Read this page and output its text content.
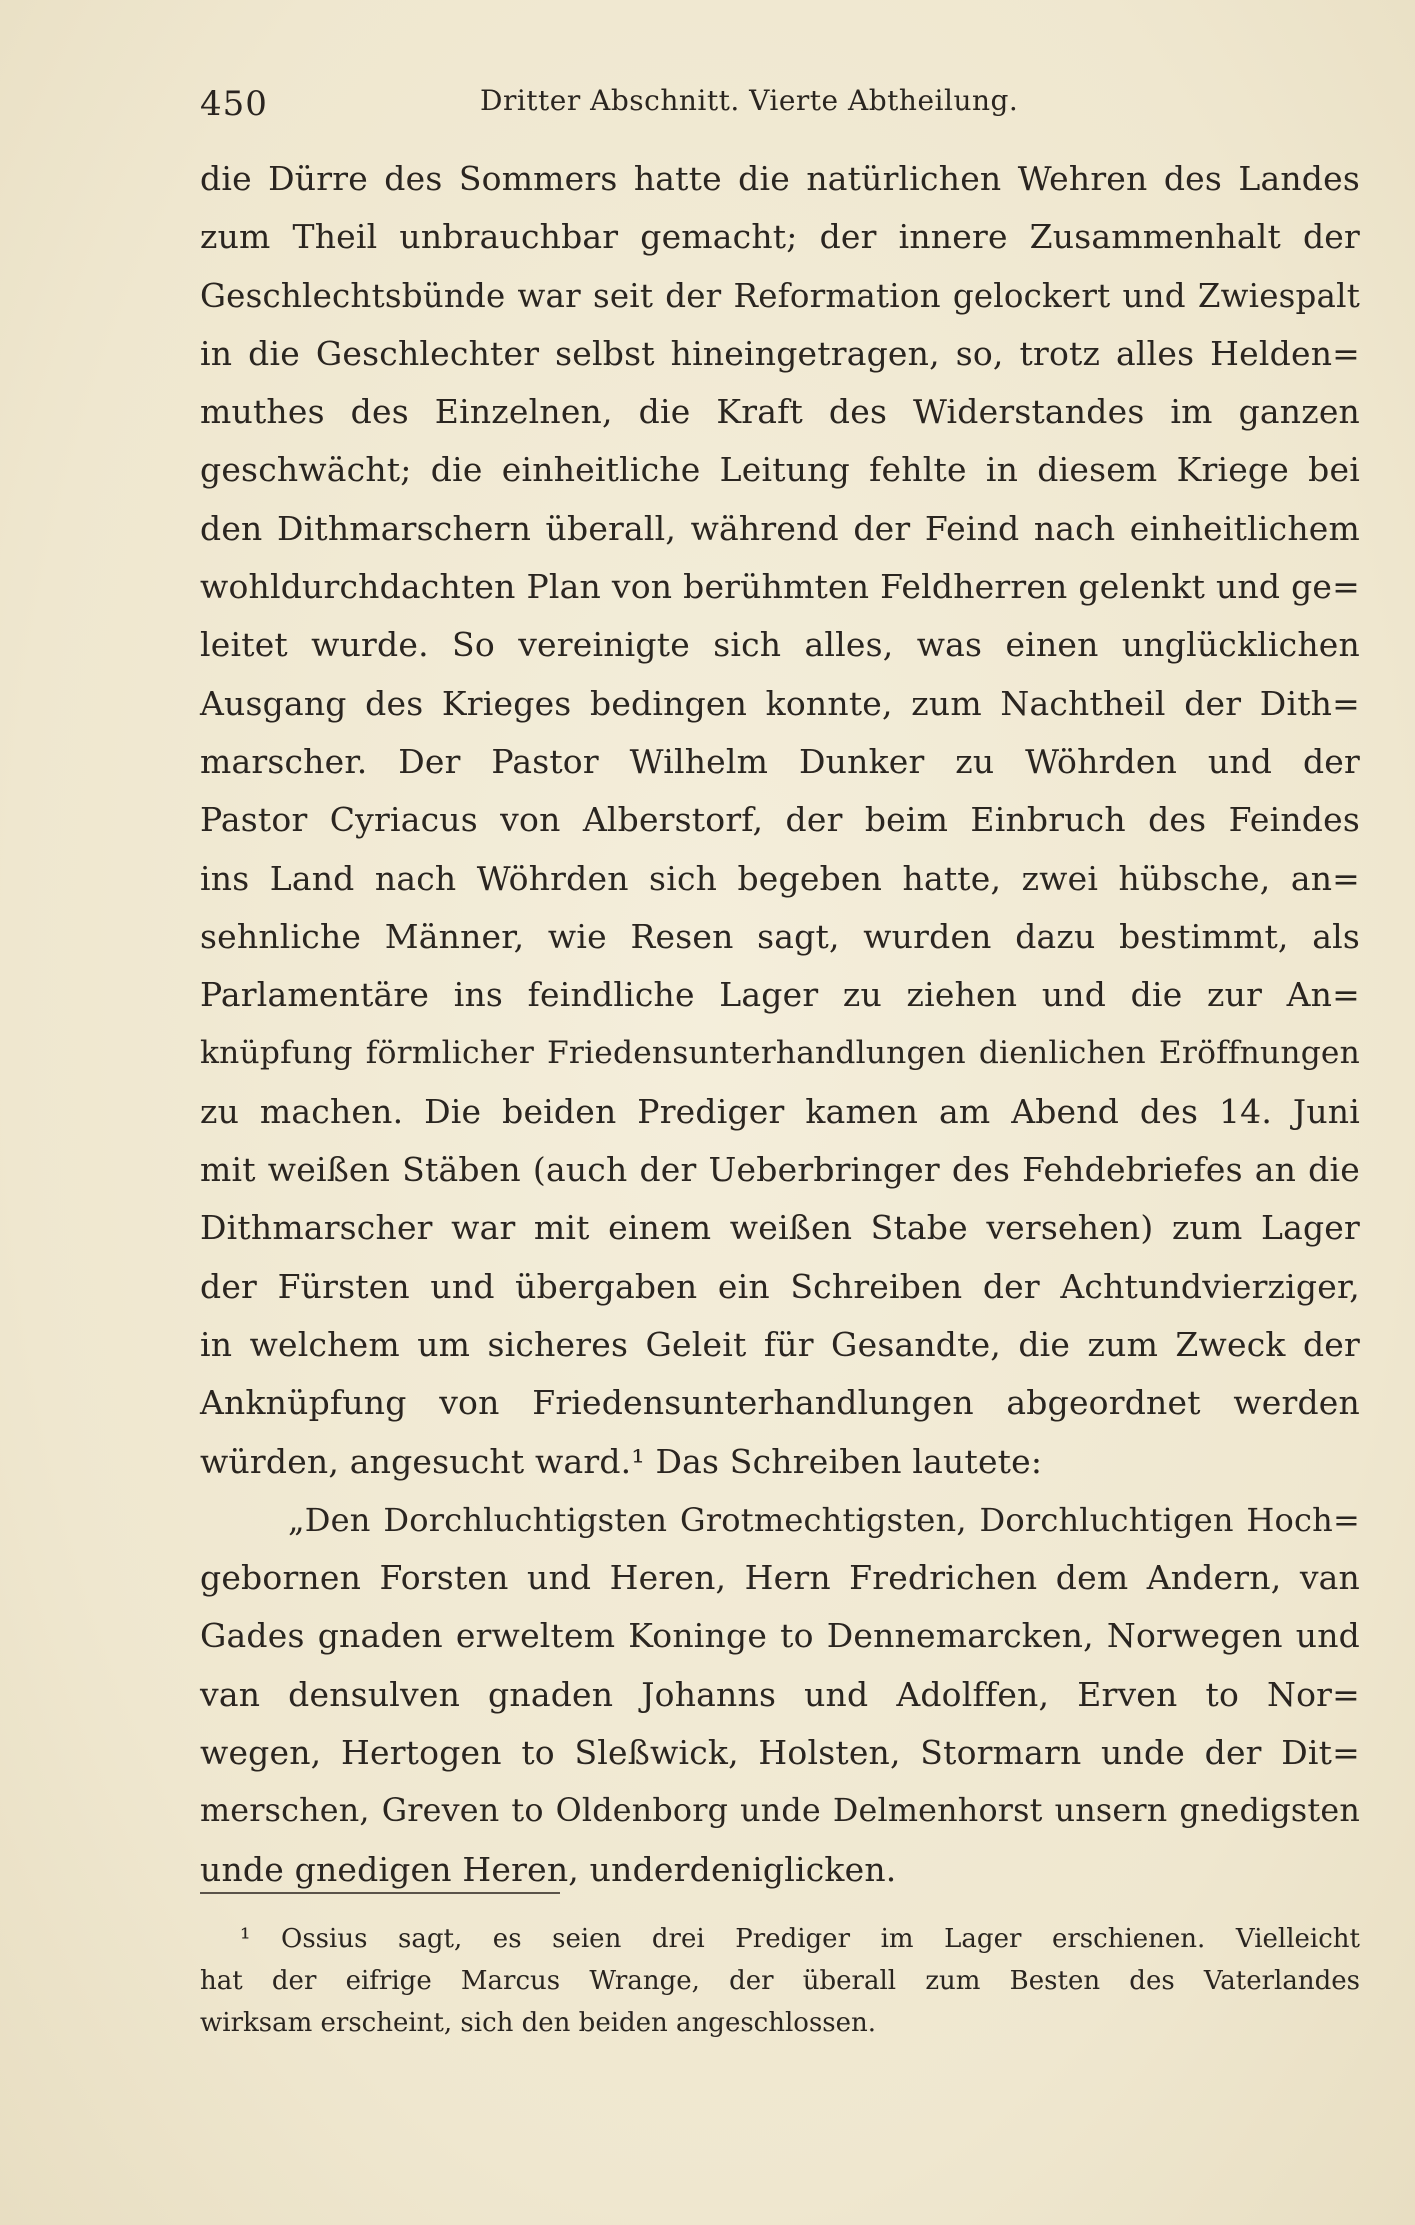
450	Dritter Abschnitt. Vierte Abtheilung.
die Dürre des Sommers hatte die natürlichen Wehren des Landes
zum Theil unbrauchbar gemacht; der innere Zusammenhalt der
Geschlechtsbünde war seit der Reformation gelockert und Zwiespalt
in die Geschlechter selbst hineingetragen, so, trotz alles Helden=
muthes des Einzelnen, die Kraft des Widerstandes im ganzen
geschwächt; die einheitliche Leitung fehlte in diesem Kriege bei
den Dithmarschern überall, während der Feind nach einheitlichem
wohldurchdachten Plan von berühmten Feldherren gelenkt und ge=
leitet wurde. So vereinigte sich alles, was einen unglücklichen
Ausgang des Krieges bedingen konnte, zum Nachtheil der Dith=
marscher. Der Pastor Wilhelm Dunker zu Wöhrden und der
Pastor Cyriacus von Alberstorf, der beim Einbruch des Feindes
ins Land nach Wöhrden sich begeben hatte, zwei hübsche, an=
sehnliche Männer, wie Resen sagt, wurden dazu bestimmt, als
Parlamentäre ins feindliche Lager zu ziehen und die zur An=
knüpfung förmlicher Friedensunterhandlungen dienlichen Eröffnungen
zu machen. Die beiden Prediger kamen am Abend des 14. Juni
mit weißen Stäben (auch der Ueberbringer des Fehdebriefes an die
Dithmarscher war mit einem weißen Stabe versehen) zum Lager
der Fürsten und übergaben ein Schreiben der Achtundvierziger,
in welchem um sicheres Geleit für Gesandte, die zum Zweck der
Anknüpfung von Friedensunterhandlungen abgeordnet werden
würden, angesucht ward.¹ Das Schreiben lautete:
„Den Dorchluchtigsten Grotmechtigsten, Dorchluchtigen Hoch=
gebornen Forsten und Heren, Hern Fredrichen dem Andern, van
Gades gnaden erweltem Koninge to Dennemarcken, Norwegen und
van densulven gnaden Johanns und Adolffen, Erven to Nor=
wegen, Hertogen to Sleßwick, Holsten, Stormarn unde der Dit=
merschen, Greven to Oldenborg unde Delmenhorst unsern gnedigsten
unde gnedigen Heren, underdeniglicken.
¹ Ossius sagt, es seien drei Prediger im Lager erschienen. Vielleicht
hat der eifrige Marcus Wrange, der überall zum Besten des Vaterlandes
wirksam erscheint, sich den beiden angeschlossen.
